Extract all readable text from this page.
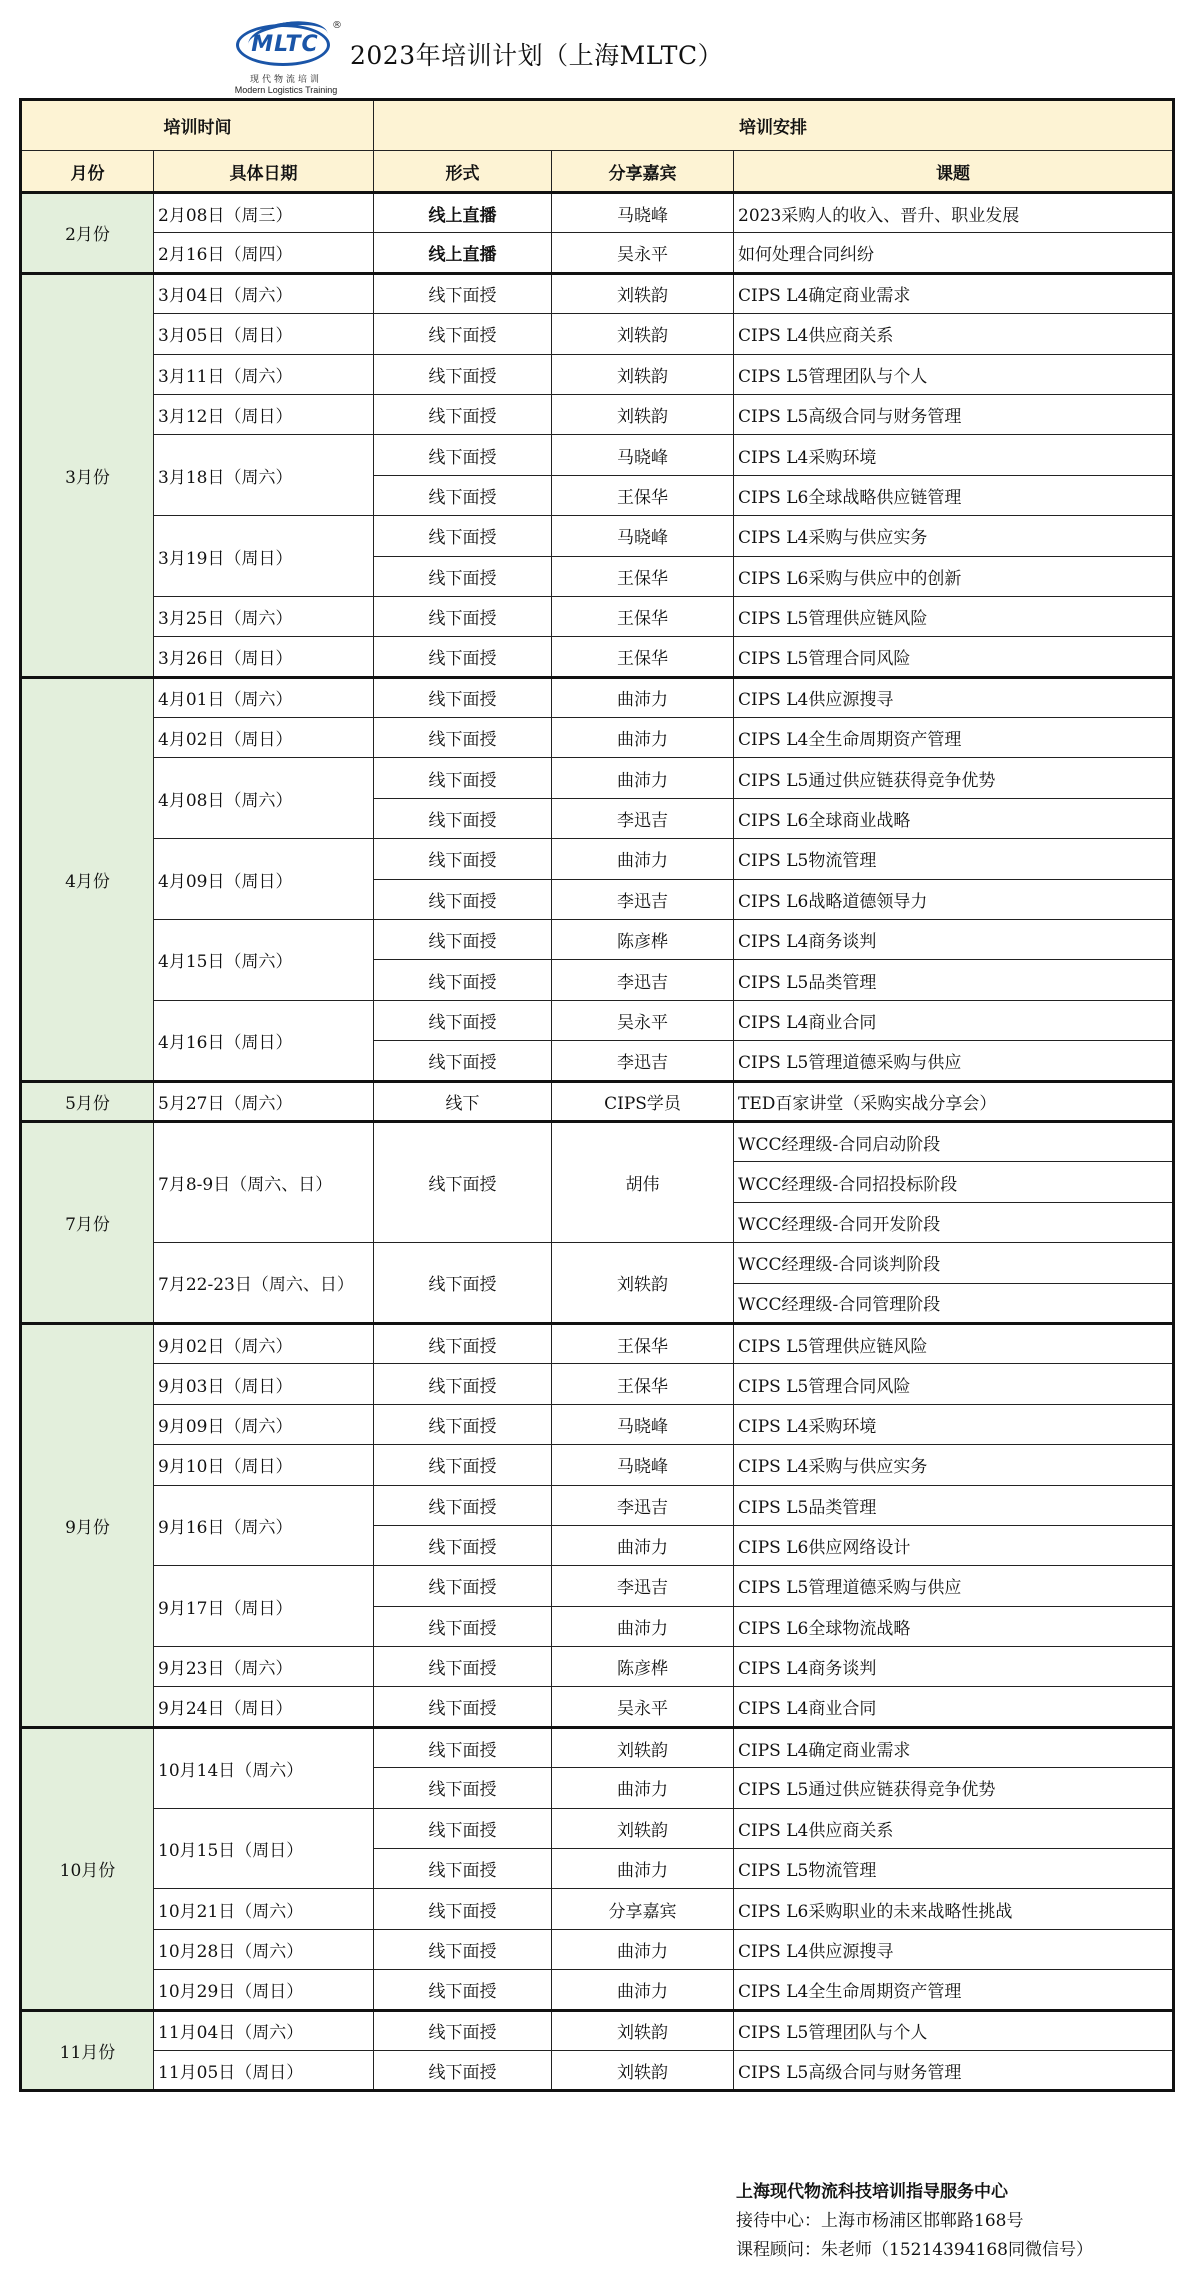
MLTC
®
现代物流培训
Modern Logistics Training
2023年培训计划（上海MLTC）
培训时间		培训安排		
月份	具体日期	形式	分享嘉宾	课题
2月份	2月08日（周三）	线上直播	马晓峰	2023采购人的收入、晋升、职业发展
	2月16日（周四）	线上直播	吴永平	如何处理合同纠纷
3月份	3月04日（周六）	线下面授	刘轶韵	CIPS L4确定商业需求
	3月05日（周日）	线下面授	刘轶韵	CIPS L4供应商关系
	3月11日（周六）	线下面授	刘轶韵	CIPS L5管理团队与个人
	3月12日（周日）	线下面授	刘轶韵	CIPS L5高级合同与财务管理
	3月18日（周六）	线下面授	马晓峰	CIPS L4采购环境
		线下面授	王保华	CIPS L6全球战略供应链管理
	3月19日（周日）	线下面授	马晓峰	CIPS L4采购与供应实务
		线下面授	王保华	CIPS L6采购与供应中的创新
	3月25日（周六）	线下面授	王保华	CIPS L5管理供应链风险
	3月26日（周日）	线下面授	王保华	CIPS L5管理合同风险
4月份	4月01日（周六）	线下面授	曲沛力	CIPS L4供应源搜寻
	4月02日（周日）	线下面授	曲沛力	CIPS L4全生命周期资产管理
	4月08日（周六）	线下面授	曲沛力	CIPS L5通过供应链获得竞争优势
		线下面授	李迅吉	CIPS L6全球商业战略
	4月09日（周日）	线下面授	曲沛力	CIPS L5物流管理
		线下面授	李迅吉	CIPS L6战略道德领导力
	4月15日（周六）	线下面授	陈彦桦	CIPS L4商务谈判
		线下面授	李迅吉	CIPS L5品类管理
	4月16日（周日）	线下面授	吴永平	CIPS L4商业合同
		线下面授	李迅吉	CIPS L5管理道德采购与供应
5月份	5月27日（周六）	线下	CIPS学员	TED百家讲堂（采购实战分享会）
7月份	7月8-9日（周六、日）	线下面授	胡伟	WCC经理级-合同启动阶段
				WCC经理级-合同招投标阶段
				WCC经理级-合同开发阶段
	7月22-23日（周六、日）	线下面授	刘轶韵	WCC经理级-合同谈判阶段
				WCC经理级-合同管理阶段
9月份	9月02日（周六）	线下面授	王保华	CIPS L5管理供应链风险
	9月03日（周日）	线下面授	王保华	CIPS L5管理合同风险
	9月09日（周六）	线下面授	马晓峰	CIPS L4采购环境
	9月10日（周日）	线下面授	马晓峰	CIPS L4采购与供应实务
	9月16日（周六）	线下面授	李迅吉	CIPS L5品类管理
		线下面授	曲沛力	CIPS L6供应网络设计
	9月17日（周日）	线下面授	李迅吉	CIPS L5管理道德采购与供应
		线下面授	曲沛力	CIPS L6全球物流战略
	9月23日（周六）	线下面授	陈彦桦	CIPS L4商务谈判
	9月24日（周日）	线下面授	吴永平	CIPS L4商业合同
10月份	10月14日（周六）	线下面授	刘轶韵	CIPS L4确定商业需求
		线下面授	曲沛力	CIPS L5通过供应链获得竞争优势
	10月15日（周日）	线下面授	刘轶韵	CIPS L4供应商关系
		线下面授	曲沛力	CIPS L5物流管理
	10月21日（周六）	线下面授	分享嘉宾	CIPS L6采购职业的未来战略性挑战
	10月28日（周六）	线下面授	曲沛力	CIPS L4供应源搜寻
	10月29日（周日）	线下面授	曲沛力	CIPS L4全生命周期资产管理
11月份	11月04日（周六）	线下面授	刘轶韵	CIPS L5管理团队与个人
	11月05日（周日）	线下面授	刘轶韵	CIPS L5高级合同与财务管理
上海现代物流科技培训指导服务中心
接待中心：上海市杨浦区邯郸路168号
课程顾问：朱老师（15214394168同微信号）
